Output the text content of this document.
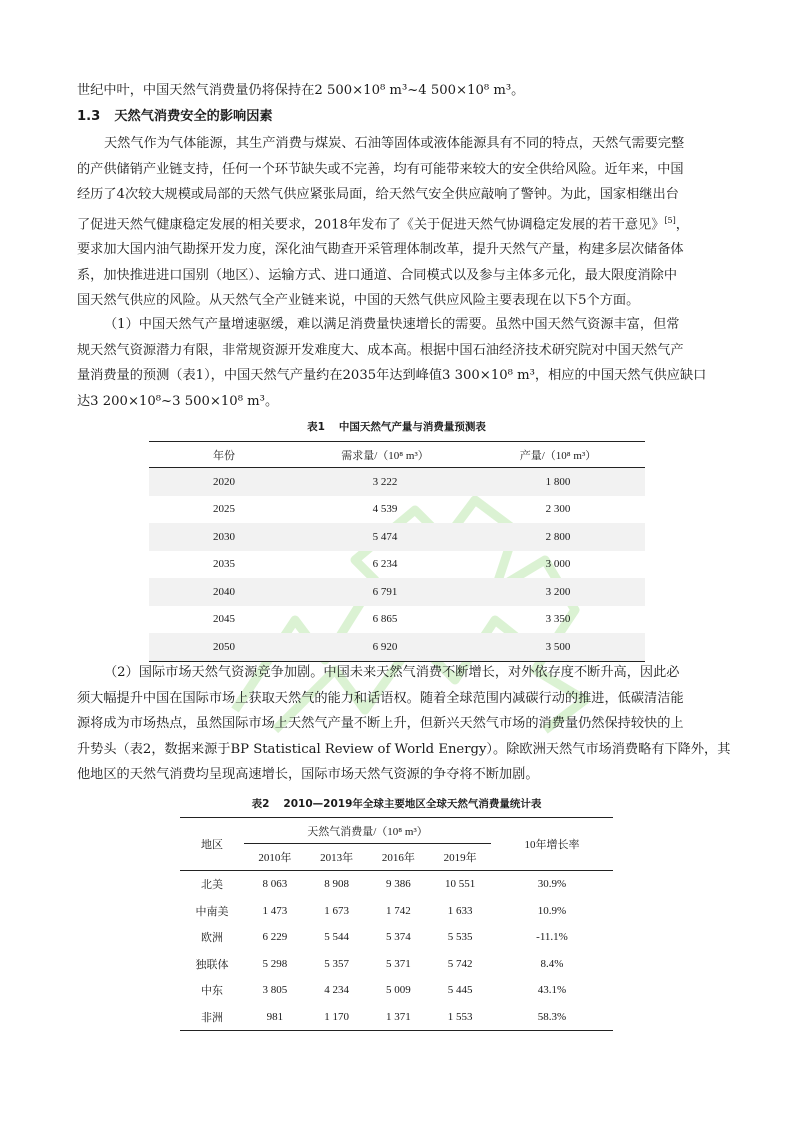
世纪中叶，中国天然气消费量仍将保持在2 500×10⁸ m³~4 500×10⁸ m³。

1.3 天然气消费安全的影响因素

天然气作为气体能源，其生产消费与煤炭、石油等固体或液体能源具有不同的特点，天然气需要完整
的产供储销产业链支持，任何一个环节缺失或不完善，均有可能带来较大的安全供给风险。近年来，中国
经历了4次较大规模或局部的天然气供应紧张局面，给天然气安全供应敲响了警钟。为此，国家相继出台
了促进天然气健康稳定发展的相关要求，2018年发布了《关于促进天然气协调稳定发展的若干意见》[5]，
要求加大国内油气勘探开发力度，深化油气勘查开采管理体制改革，提升天然气产量，构建多层次储备体
系，加快推进进口国别（地区）、运输方式、进口通道、合同模式以及参与主体多元化，最大限度消除中
国天然气供应的风险。从天然气全产业链来说，中国的天然气供应风险主要表现在以下5个方面。

（1）中国天然气产量增速驱缓，难以满足消费量快速增长的需要。虽然中国天然气资源丰富，但常
规天然气资源潜力有限，非常规资源开发难度大、成本高。根据中国石油经济技术研究院对中国天然气产
量消费量的预测（表1），中国天然气产量约在2035年达到峰值3 300×10⁸ m³，相应的中国天然气供应缺口
达3 200×10⁸~3 500×10⁸ m³。

表1 中国天然气产量与消费量预测表
年份	需求量/（10⁸ m³）	产量/（10⁸ m³）
2020	3 222	1 800
2025	4 539	2 300
2030	5 474	2 800
2035	6 234	3 000
2040	6 791	3 200
2045	6 865	3 350
2050	6 920	3 500

（2）国际市场天然气资源竞争加剧。中国未来天然气消费不断增长，对外依存度不断升高，因此必
须大幅提升中国在国际市场上获取天然气的能力和话语权。随着全球范围内减碳行动的推进，低碳清洁能
源将成为市场热点，虽然国际市场上天然气产量不断上升，但新兴天然气市场的消费量仍然保持较快的上
升势头（表2，数据来源于BP Statistical Review of World Energy）。除欧洲天然气市场消费略有下降外，其
他地区的天然气消费均呈现高速增长，国际市场天然气资源的争夺将不断加剧。

表2 2010—2019年全球主要地区全球天然气消费量统计表
地区	天然气消费量/（10⁸ m³）				10年增长率
	2010年	2013年	2016年	2019年	
北美	8 063	8 908	9 386	10 551	30.9%
中南美	1 473	1 673	1 742	1 633	10.9%
欧洲	6 229	5 544	5 374	5 535	-11.1%
独联体	5 298	5 357	5 371	5 742	8.4%
中东	3 805	4 234	5 009	5 445	43.1%
非洲	981	1 170	1 371	1 553	58.3%
